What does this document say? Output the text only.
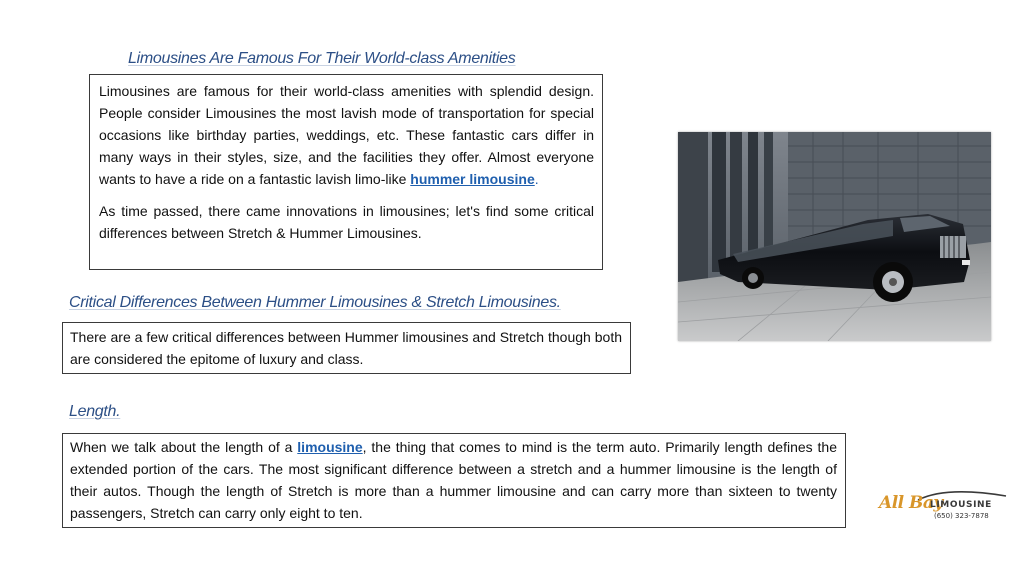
Limousines Are Famous For Their World-class Amenities

Limousines are famous for their world-class amenities with splendid design. People consider Limousines the most lavish mode of transportation for special occasions like birthday parties, weddings, etc. These fantastic cars differ in many ways in their styles, size, and the facilities they offer. Almost everyone wants to have a ride on a fantastic lavish limo-like hummer limousine.

As time passed, there came innovations in limousines; let's find some critical differences between Stretch & Hummer Limousines.

Critical Differences Between Hummer Limousines & Stretch Limousines.

There are a few critical differences between Hummer limousines and Stretch though both are considered the epitome of luxury and class.

Length.

When we talk about the length of a limousine, the thing that comes to mind is the term auto. Primarily length defines the extended portion of the cars. The most significant difference between a stretch and a hummer limousine is the length of their autos. Though the length of Stretch is more than a hummer limousine and can carry more than sixteen to twenty passengers, Stretch can carry only eight to ten.	All Bay
LIMOUSINE
(650) 323-7878
